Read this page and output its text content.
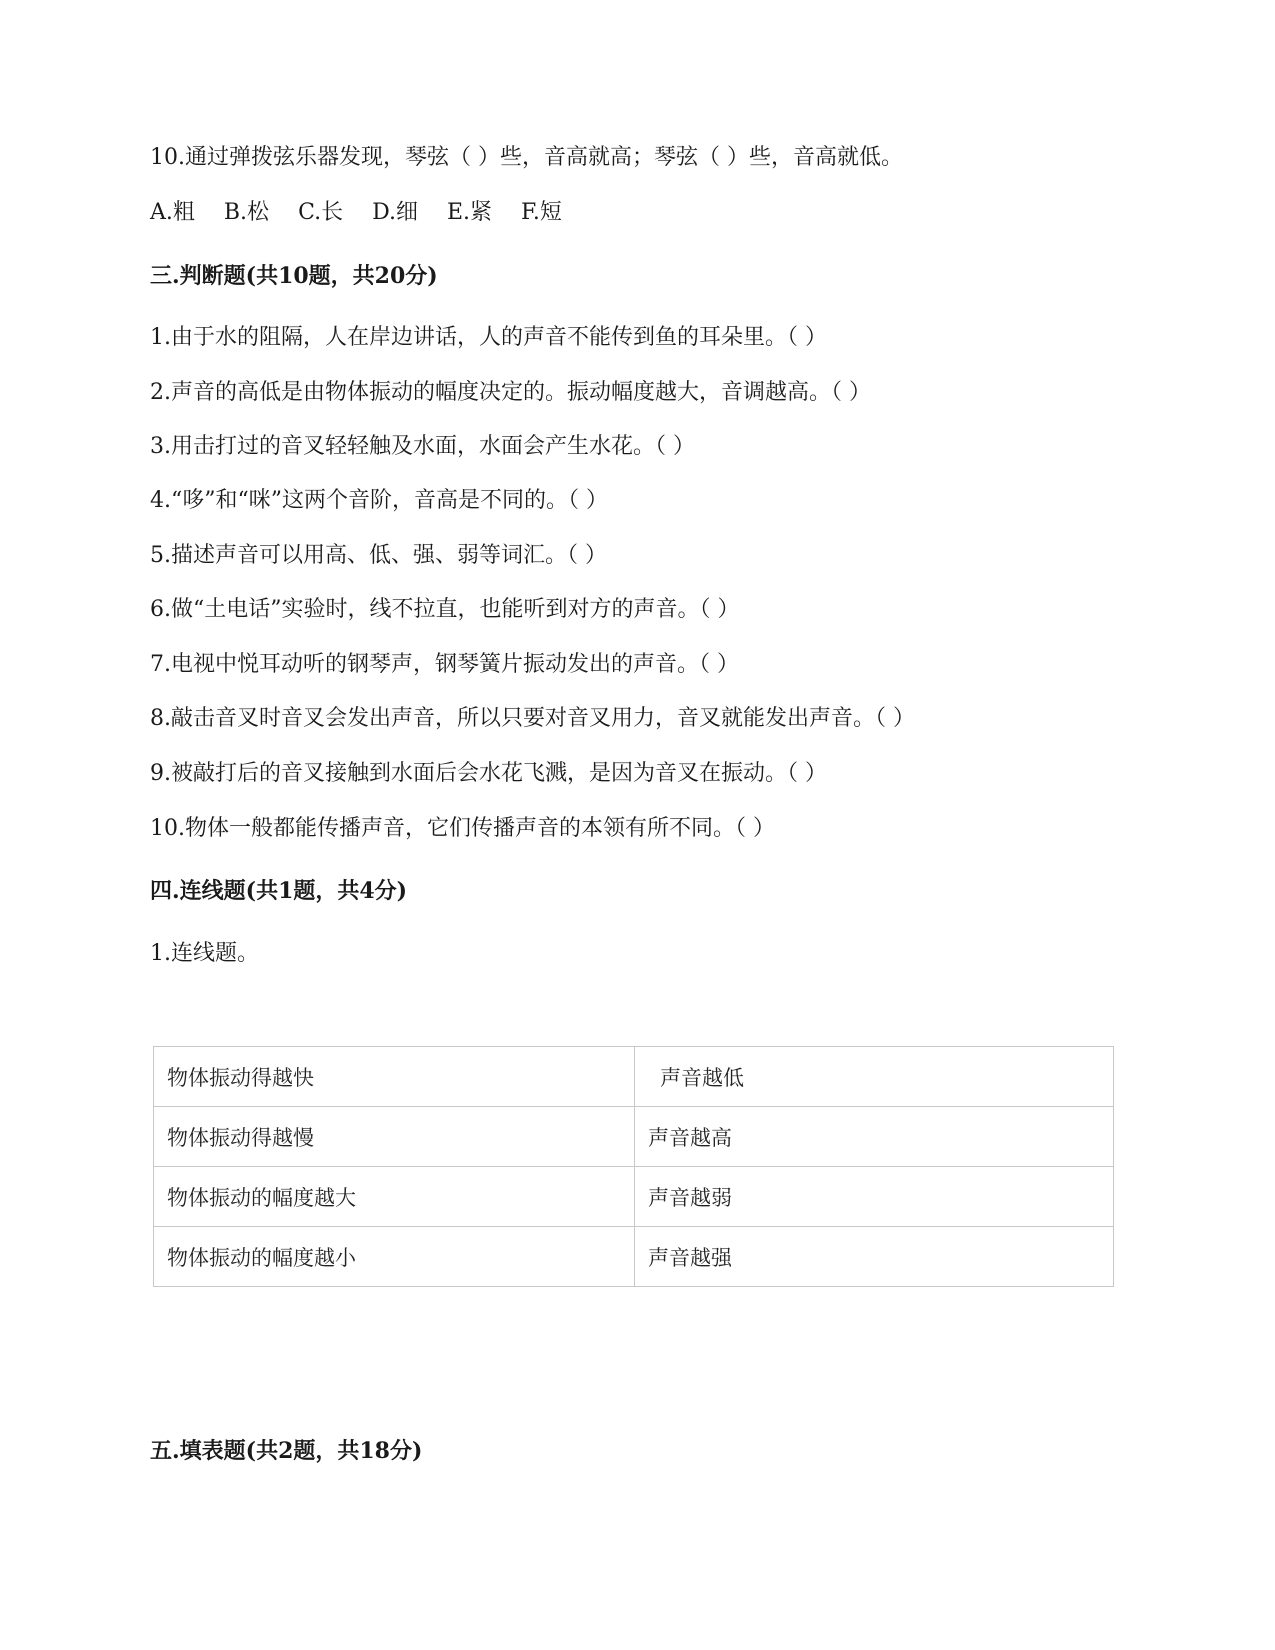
10.通过弹拨弦乐器发现，琴弦（ ）些，音高就高；琴弦（ ）些，音高就低。
A.粗 B.松 C.长 D.细 E.紧 F.短
三.判断题(共10题，共20分)
1.由于水的阻隔，人在岸边讲话，人的声音不能传到鱼的耳朵里。（ ）
2.声音的高低是由物体振动的幅度决定的。振动幅度越大，音调越高。（ ）
3.用击打过的音叉轻轻触及水面，水面会产生水花。（ ）
4.“哆”和“咪”这两个音阶，音高是不同的。（ ）
5.描述声音可以用高、低、强、弱等词汇。（ ）
6.做“土电话”实验时，线不拉直，也能听到对方的声音。（ ）
7.电视中悦耳动听的钢琴声，钢琴簧片振动发出的声音。（ ）
8.敲击音叉时音叉会发出声音，所以只要对音叉用力，音叉就能发出声音。（ ）
9.被敲打后的音叉接触到水面后会水花飞溅，是因为音叉在振动。（ ）
10.物体一般都能传播声音，它们传播声音的本领有所不同。（ ）
四.连线题(共1题，共4分)
1.连线题。
物体振动得越快	声音越低
物体振动得越慢	声音越高
物体振动的幅度越大	声音越弱
物体振动的幅度越小	声音越强
五.填表题(共2题，共18分)
